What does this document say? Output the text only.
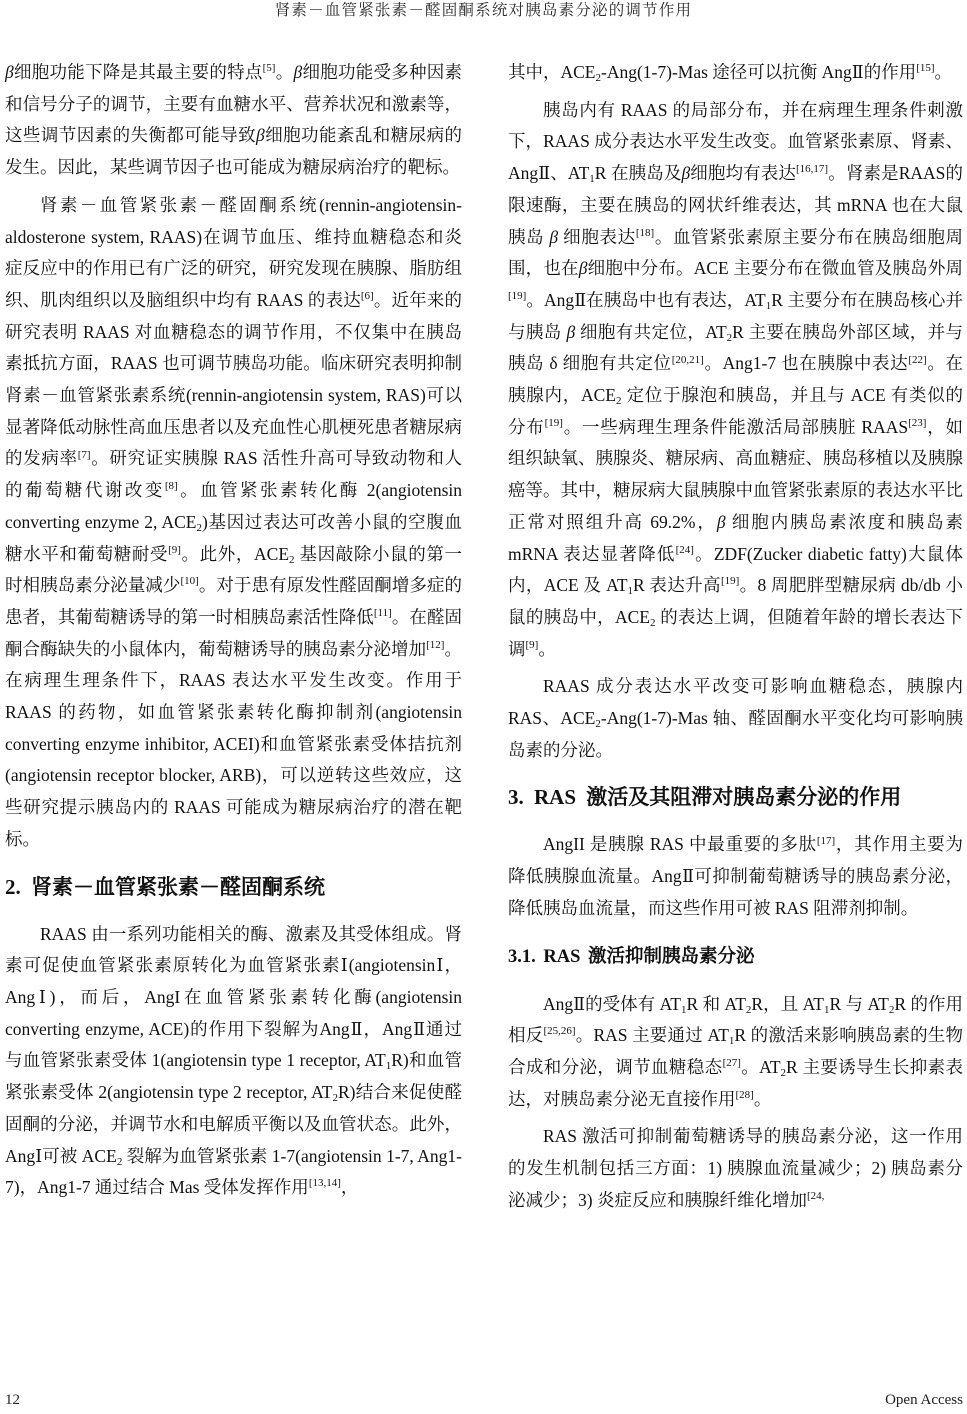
肾素－血管紧张素－醛固酮系统对胰岛素分泌的调节作用

β细胞功能下降是其最主要的特点[5]。β细胞功能受多种因素和信号分子的调节，主要有血糖水平、营养状况和激素等，这些调节因素的失衡都可能导致β细胞功能紊乱和糖尿病的发生。因此，某些调节因子也可能成为糖尿病治疗的靶标。

肾素－血管紧张素－醛固酮系统(rennin-angiotensin-aldosterone system, RAAS)在调节血压、维持血糖稳态和炎症反应中的作用已有广泛的研究，研究发现在胰腺、脂肪组织、肌肉组织以及脑组织中均有 RAAS 的表达[6]。近年来的研究表明 RAAS 对血糖稳态的调节作用，不仅集中在胰岛素抵抗方面，RAAS 也可调节胰岛功能。临床研究表明抑制肾素－血管紧张素系统(rennin-angiotensin system, RAS)可以显著降低动脉性高血压患者以及充血性心肌梗死患者糖尿病的发病率[7]。研究证实胰腺 RAS 活性升高可导致动物和人的葡萄糖代谢改变[8]。血管紧张素转化酶 2(angiotensin converting enzyme 2, $ACE_2$)基因过表达可改善小鼠的空腹血糖水平和葡萄糖耐受[9]。此外，$ACE_2$ 基因敲除小鼠的第一时相胰岛素分泌量减少[10]。对于患有原发性醛固酮增多症的患者，其葡萄糖诱导的第一时相胰岛素活性降低[11]。在醛固酮合酶缺失的小鼠体内，葡萄糖诱导的胰岛素分泌增加[12]。在病理生理条件下，RAAS 表达水平发生改变。作用于 RAAS 的药物，如血管紧张素转化酶抑制剂(angiotensin converting enzyme inhibitor, ACEI)和血管紧张素受体拮抗剂(angiotensin receptor blocker, ARB)，可以逆转这些效应，这些研究提示胰岛内的 RAAS 可能成为糖尿病治疗的潜在靶标。

2. 肾素－血管紧张素－醛固酮系统

RAAS 由一系列功能相关的酶、激素及其受体组成。肾素可促使血管紧张素原转化为血管紧张素Ⅰ(angiotensinⅠ，AngⅠ)，而后，AngI在血管紧张素转化酶(angiotensin converting enzyme, ACE)的作用下裂解为AngⅡ，AngⅡ通过与血管紧张素受体 1(angiotensin type 1 receptor, $AT_1R$)和血管紧张素受体 2(angiotensin type 2 receptor, $AT_2R$)结合来促使醛固酮的分泌，并调节水和电解质平衡以及血管状态。此外，AngⅠ可被 $ACE_2$ 裂解为血管紧张素 1-7(angiotensin 1-7, Ang1-7)，Ang1-7 通过结合 Mas 受体发挥作用[13,14]，

其中，$ACE_2-Ang(1-7)$-Mas 途径可以抗衡 AngⅡ的作用[15]。

胰岛内有 RAAS 的局部分布，并在病理生理条件刺激下，RAAS 成分表达水平发生改变。血管紧张素原、肾素、AngⅡ、$AT_1R$ 在胰岛及β细胞均有表达[16,17]。肾素是RAAS的限速酶，主要在胰岛的网状纤维表达，其 mRNA 也在大鼠胰岛 β 细胞表达[18]。血管紧张素原主要分布在胰岛细胞周围，也在β细胞中分布。ACE 主要分布在微血管及胰岛外周[19]。AngⅡ在胰岛中也有表达，$AT_1R$ 主要分布在胰岛核心并与胰岛 β 细胞有共定位，$AT_2R$ 主要在胰岛外部区域，并与胰岛 δ 细胞有共定位[20,21]。Ang1-7 也在胰腺中表达[22]。在胰腺内，$ACE_2$ 定位于腺泡和胰岛，并且与 ACE 有类似的分布[19]。一些病理生理条件能激活局部胰脏 RAAS[23]，如组织缺氧、胰腺炎、糖尿病、高血糖症、胰岛移植以及胰腺癌等。其中，糖尿病大鼠胰腺中血管紧张素原的表达水平比正常对照组升高 69.2%，β 细胞内胰岛素浓度和胰岛素 mRNA 表达显著降低[24]。ZDF(Zucker diabetic fatty)大鼠体内，ACE 及 $AT_1R$ 表达升高[19]。8 周肥胖型糖尿病 db/db 小鼠的胰岛中，$ACE_2$ 的表达上调，但随着年龄的增长表达下调[9]。

RAAS 成分表达水平改变可影响血糖稳态，胰腺内 RAS、$ACE_2-Ang(1-7)$-Mas 轴、醛固酮水平变化均可影响胰岛素的分泌。

3. RAS 激活及其阻滞对胰岛素分泌的作用

AngII 是胰腺 RAS 中最重要的多肽[17]，其作用主要为降低胰腺血流量。AngⅡ可抑制葡萄糖诱导的胰岛素分泌，降低胰岛血流量，而这些作用可被 RAS 阻滞剂抑制。

3.1. RAS 激活抑制胰岛素分泌

AngⅡ的受体有 $AT_1R$ 和 $AT_2R$，且 $AT_1R$ 与 $AT_2R$ 的作用相反[25,26]。RAS 主要通过 $AT_1R$ 的激活来影响胰岛素的生物合成和分泌，调节血糖稳态[27]。$AT_2R$ 主要诱导生长抑素表达，对胰岛素分泌无直接作用[28]。

RAS 激活可抑制葡萄糖诱导的胰岛素分泌，这一作用的发生机制包括三方面：1) 胰腺血流量减少；2) 胰岛素分泌减少；3) 炎症反应和胰腺纤维化增加$^{[24,}$

12	Open Access
